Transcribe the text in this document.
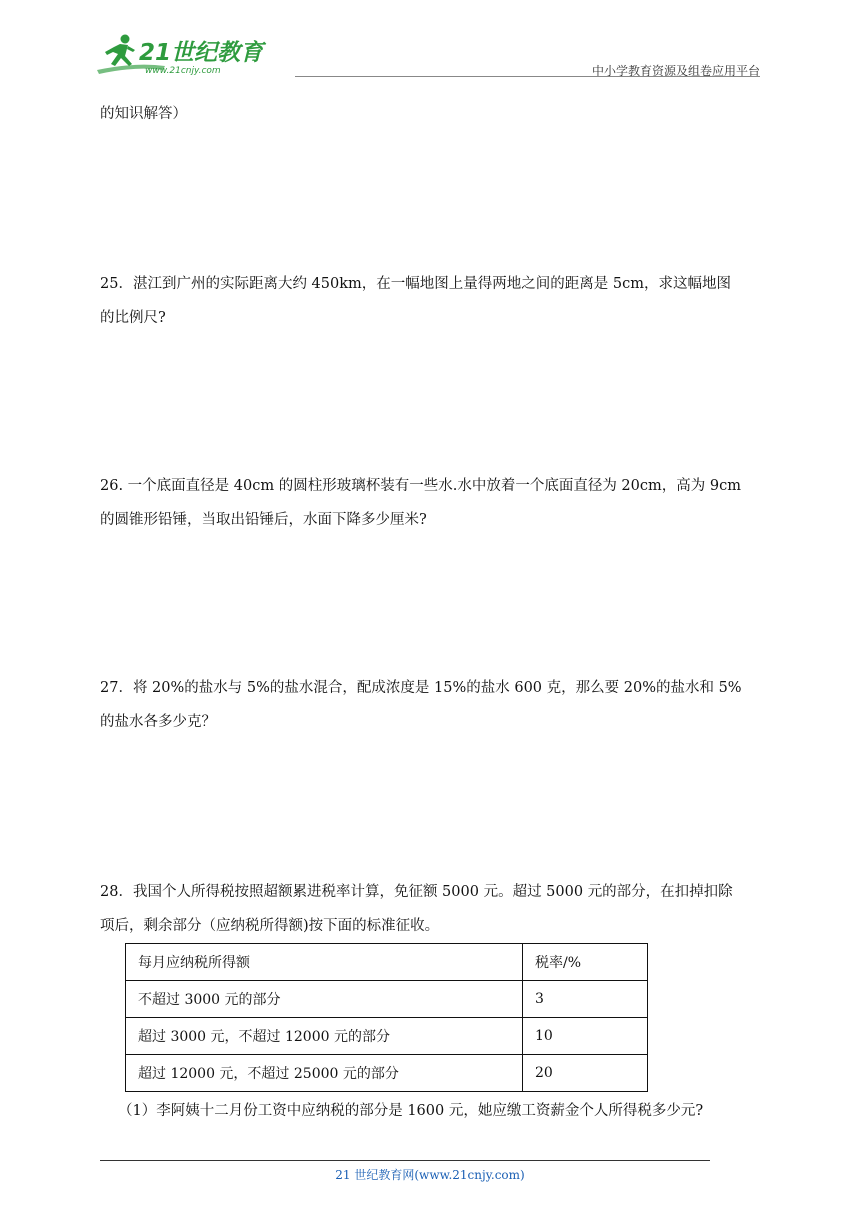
21世纪教育
www.21cnjy.com	中小学教育资源及组卷应用平台
的知识解答）
25．湛江到广州的实际距离大约 450km，在一幅地图上量得两地之间的距离是 5cm，求这幅地图
的比例尺?
26. 一个底面直径是 40cm 的圆柱形玻璃杯装有一些水.水中放着一个底面直径为 20cm，高为 9cm
的圆锥形铅锤，当取出铅锤后，水面下降多少厘米?
27．将 20%的盐水与 5%的盐水混合，配成浓度是 15%的盐水 600 克，那么要 20%的盐水和 5%
的盐水各多少克？
28．我国个人所得税按照超额累进税率计算，免征额 5000 元。超过 5000 元的部分，在扣掉扣除
项后，剩余部分（应纳税所得额)按下面的标准征收。
每月应纳税所得额	税率/%
不超过 3000 元的部分	3
超过 3000 元，不超过 12000 元的部分	10
超过 12000 元，不超过 25000 元的部分	20
（1）李阿姨十二月份工资中应纳税的部分是 1600 元，她应缴工资薪金个人所得税多少元?
21 世纪教育网(www.21cnjy.com)
